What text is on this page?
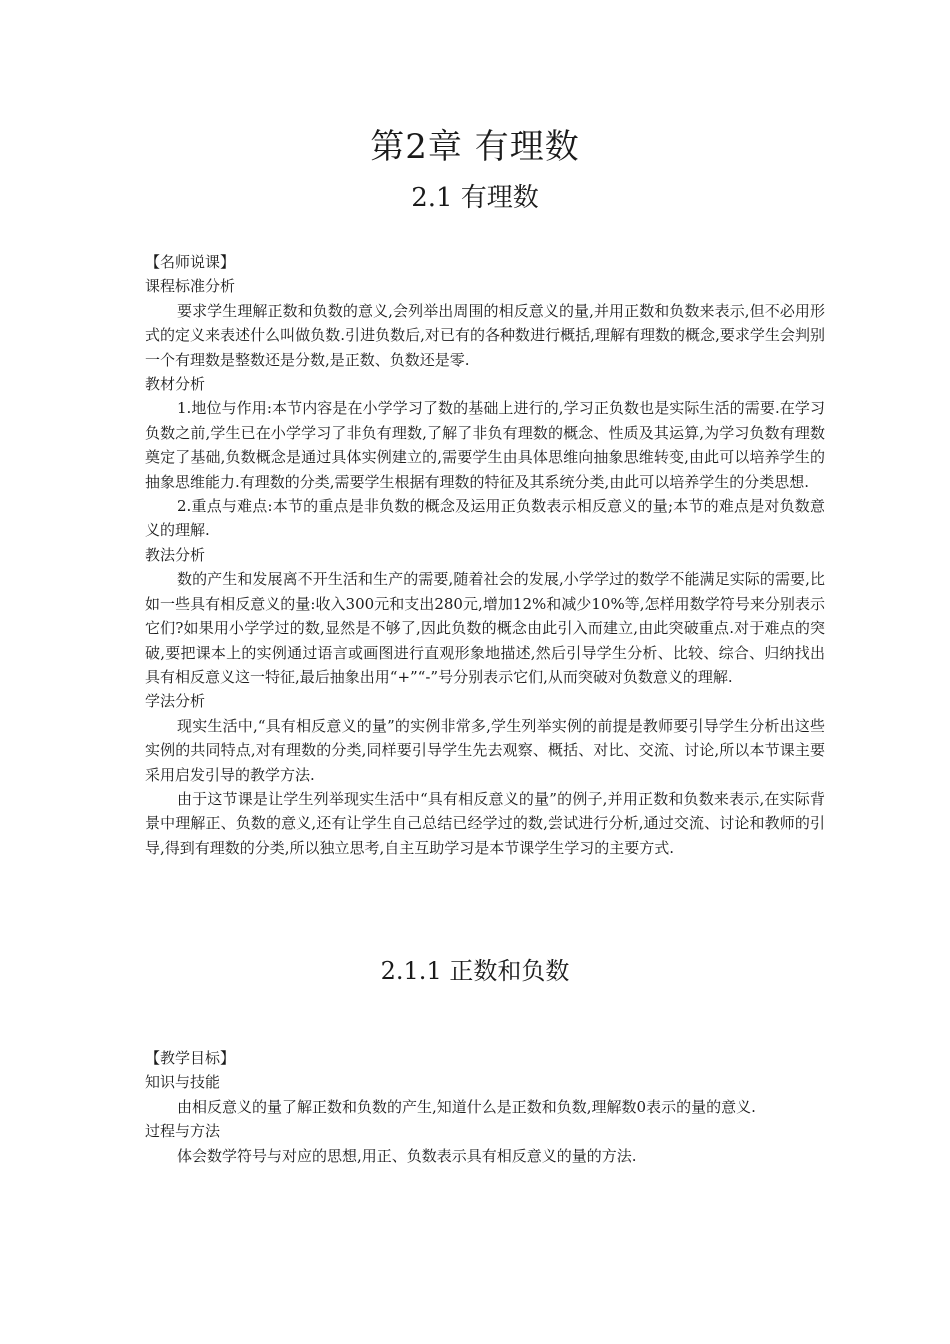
第2章 有理数
2.1 有理数
【名师说课】
课程标准分析
要求学生理解正数和负数的意义,会列举出周围的相反意义的量,并用正数和负数来表示,但不必用形式的定义来表述什么叫做负数.引进负数后,对已有的各种数进行概括,理解有理数的概念,要求学生会判别一个有理数是整数还是分数,是正数、负数还是零.
教材分析
1.地位与作用:本节内容是在小学学习了数的基础上进行的,学习正负数也是实际生活的需要.在学习负数之前,学生已在小学学习了非负有理数,了解了非负有理数的概念、性质及其运算,为学习负数有理数奠定了基础,负数概念是通过具体实例建立的,需要学生由具体思维向抽象思维转变,由此可以培养学生的抽象思维能力.有理数的分类,需要学生根据有理数的特征及其系统分类,由此可以培养学生的分类思想.
2.重点与难点:本节的重点是非负数的概念及运用正负数表示相反意义的量;本节的难点是对负数意义的理解.
教法分析
数的产生和发展离不开生活和生产的需要,随着社会的发展,小学学过的数学不能满足实际的需要,比如一些具有相反意义的量:收入300元和支出280元,增加12%和减少10%等,怎样用数学符号来分别表示它们?如果用小学学过的数,显然是不够了,因此负数的概念由此引入而建立,由此突破重点.对于难点的突破,要把课本上的实例通过语言或画图进行直观形象地描述,然后引导学生分析、比较、综合、归纳找出具有相反意义这一特征,最后抽象出用“+”“-”号分别表示它们,从而突破对负数意义的理解.
学法分析
现实生活中,“具有相反意义的量”的实例非常多,学生列举实例的前提是教师要引导学生分析出这些实例的共同特点,对有理数的分类,同样要引导学生先去观察、概括、对比、交流、讨论,所以本节课主要采用启发引导的教学方法.
由于这节课是让学生列举现实生活中“具有相反意义的量”的例子,并用正数和负数来表示,在实际背景中理解正、负数的意义,还有让学生自己总结已经学过的数,尝试进行分析,通过交流、讨论和教师的引导,得到有理数的分类,所以独立思考,自主互助学习是本节课学生学习的主要方式.
2.1.1 正数和负数
【教学目标】
知识与技能
由相反意义的量了解正数和负数的产生,知道什么是正数和负数,理解数0表示的量的意义.
过程与方法
体会数学符号与对应的思想,用正、负数表示具有相反意义的量的方法.
